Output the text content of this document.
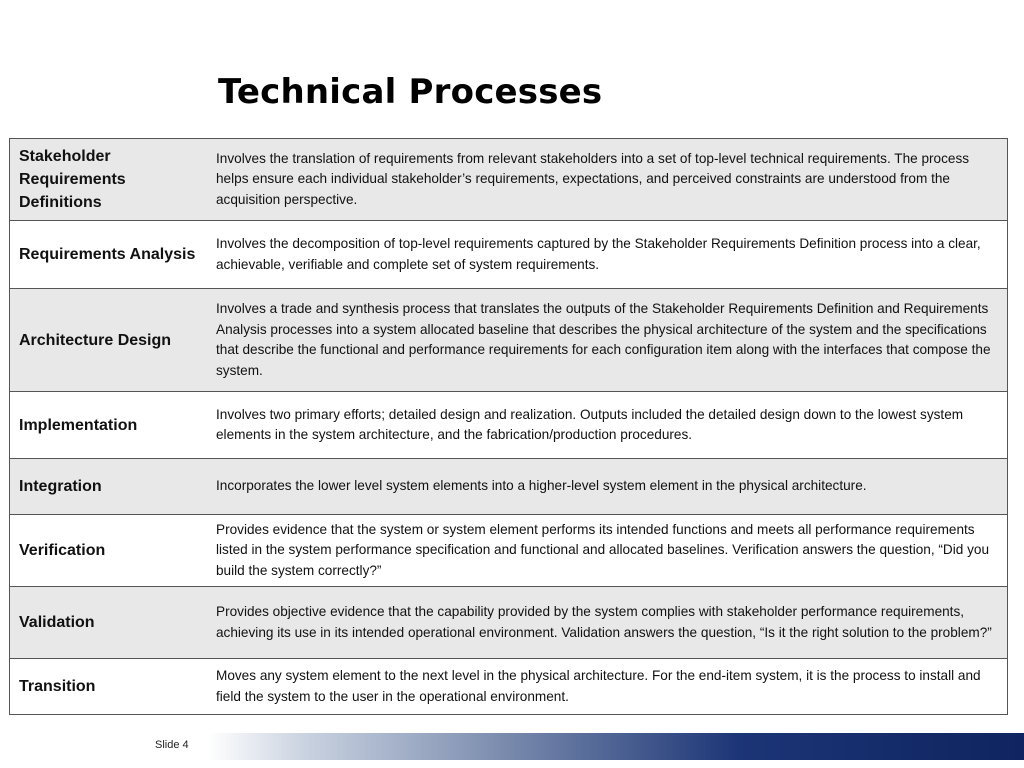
Technical Processes
Stakeholder Requirements Definitions	Involves the translation of requirements from relevant stakeholders into a set of top-level technical requirements. The process helps ensure each individual stakeholder’s requirements, expectations, and perceived constraints are understood from the acquisition perspective.
Requirements Analysis	Involves the decomposition of top-level requirements captured by the Stakeholder Requirements Definition process into a clear, achievable, verifiable and complete set of system requirements.
Architecture Design	Involves a trade and synthesis process that translates the outputs of the Stakeholder Requirements Definition and Requirements Analysis processes into a system allocated baseline that describes the physical architecture of the system and the specifications that describe the functional and performance requirements for each configuration item along with the interfaces that compose the system.
Implementation	Involves two primary efforts; detailed design and realization. Outputs included the detailed design down to the lowest system elements in the system architecture, and the fabrication/production procedures.
Integration	Incorporates the lower level system elements into a higher-level system element in the physical architecture.
Verification	Provides evidence that the system or system element performs its intended functions and meets all performance requirements listed in the system performance specification and functional and allocated baselines. Verification answers the question, “Did you build the system correctly?”
Validation	Provides objective evidence that the capability provided by the system complies with stakeholder performance requirements, achieving its use in its intended operational environment. Validation answers the question, “Is it the right solution to the problem?”
Transition	Moves any system element to the next level in the physical architecture. For the end-item system, it is the process to install and field the system to the user in the operational environment.
Slide 4
